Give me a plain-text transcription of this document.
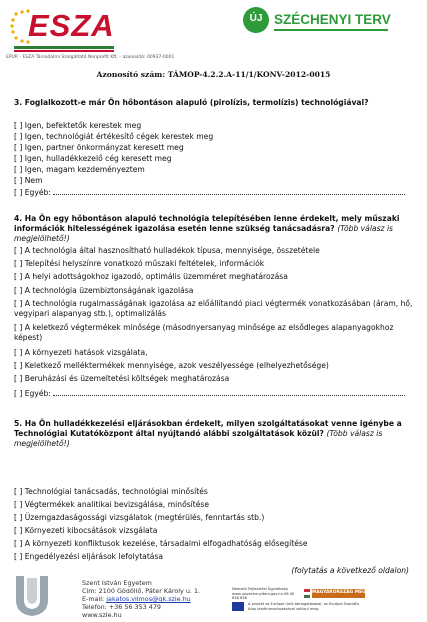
ESZA
EPUR - ESZA Társadalmi Szolgáltató Nonprofit Kft. - azonosító: 00937-0001
ÚJ SZÉCHENYI TERV
Azonosító szám: TÁMOP-4.2.2.A-11/1/KONV-2012-0015
3. Foglalkozott-e már Ön hőbontáson alapuló (pirolízis, termolízis) technológiával?
[ ] Igen, befektetők kerestek meg
[ ] Igen, technológiát értékesítő cégek kerestek meg
[ ] Igen, partner önkormányzat keresett meg
[ ] Igen, hulladékkezelő cég keresett meg
[ ] Igen, magam kezdeményeztem
[ ] Nem
[ ] Egyéb:
4. Ha Ön egy hőbontáson alapuló technológia telepítésében lenne érdekelt, mely műszaki információk hitelességének igazolása esetén lenne szükség tanácsadásra? (Több válasz is megjelölhető!)
[ ] A technológia által hasznosítható hulladékok típusa, mennyisége, összetétele
[ ] Telepítési helyszínre vonatkozó műszaki feltételek, információk
[ ] A helyi adottságokhoz igazodó, optimális üzemméret meghatározása
[ ] A technológia üzembiztonságának igazolása
[ ] A technológia rugalmasságának igazolása az előállítandó piaci végtermék vonatkozásában (áram, hő, vegyipari alapanyag stb.), optimalizálás
[ ] A keletkező végtermékek minősége (másodnyersanyag minősége az elsődleges alapanyagokhoz képest)
[ ] A környezeti hatások vizsgálata,
[ ] Keletkező melléktermékek mennyisége, azok veszélyessége (elhelyezhetősége)
[ ] Beruházási és üzemeltetési költségek meghatározása
[ ] Egyéb:
5. Ha Ön hulladékkezelési eljárásokban érdekelt, milyen szolgáltatásokat venne igénybe a Technológiai Kutatóközpont által nyújtandó alábbi szolgáltatások közül? (Több válasz is megjelölhető!)
[ ] Technológiai tanácsadás, technológiai minősítés
[ ] Végtermékek analitikai bevizsgálása, minősítése
[ ] Üzemgazdaságossági vizsgálatok (megtérülés, fenntartás stb.)
[ ] Környezeti kibocsátások vizsgálata
[ ] A környezeti konfliktusok kezelése, társadalmi elfogadhatóság elősegítése
[ ] Engedélyezési eljárások lefolytatása
(folytatás a következő oldalon)
Szent István Egyetem
Cím: 2100 Gödöllő, Páter Károly u. 1.
E-mail: jakatos.vilmos@gk.szie.hu
Telefon: +36 56 353 479
www.szie.hu
Nemzeti Fejlesztési Ügynökség www.ujszechenyiterv.gov.hu 06 40 638 638
MAGYARORSZÁG MEGÚJUL
A projekt az Európai Unió támogatásával, az Európai Szociális Alap társfinanszírozásával valósul meg.
